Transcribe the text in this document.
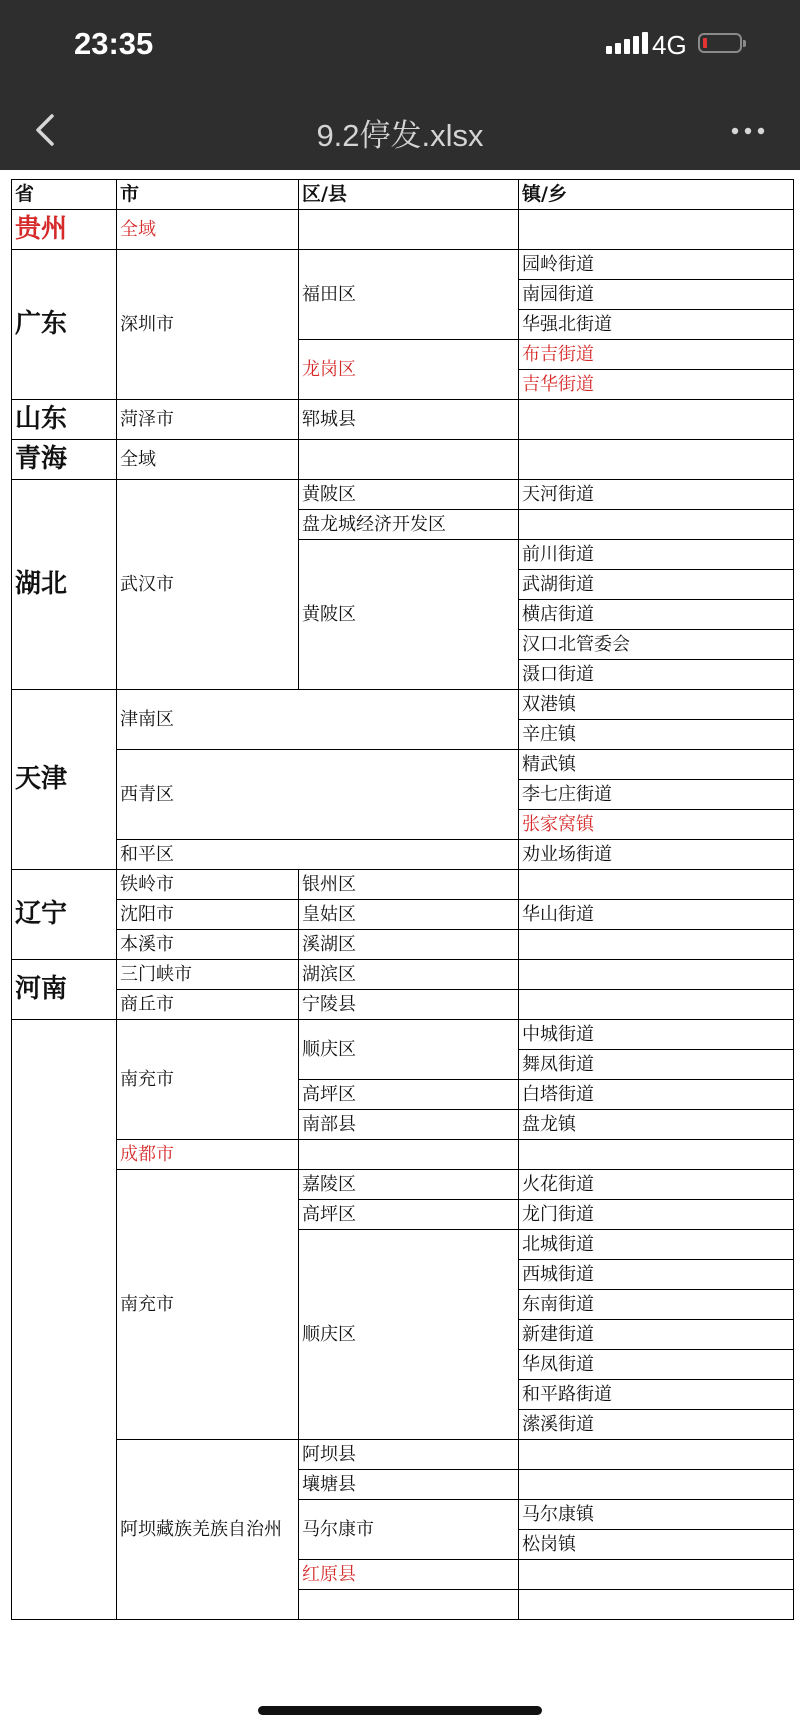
23:35	4G
9.2停发.xlsx
省	市	区/县	镇/乡
贵州	全域		
广东	深圳市	福田区	园岭街道
			南园街道
			华强北街道
		龙岗区	布吉街道
			吉华街道
山东	菏泽市	郓城县	
青海	全域		
湖北	武汉市	黄陂区	天河街道
		盘龙城经济开发区	
		黄陂区	前川街道
			武湖街道
			横店街道
			汉口北管委会
			滠口街道
天津	津南区		双港镇
			辛庄镇
	西青区		精武镇
			李七庄街道
			张家窝镇
	和平区		劝业场街道
辽宁	铁岭市	银州区	
	沈阳市	皇姑区	华山街道
	本溪市	溪湖区	
河南	三门峡市	湖滨区	
	商丘市	宁陵县	
	南充市	顺庆区	中城街道
			舞凤街道
		高坪区	白塔街道
		南部县	盘龙镇
	成都市		
	南充市	嘉陵区	火花街道
		高坪区	龙门街道
		顺庆区	北城街道
			西城街道
			东南街道
			新建街道
			华凤街道
			和平路街道
			潆溪街道
	阿坝藏族羌族自治州	阿坝县	
		壤塘县	
		马尔康市	马尔康镇
			松岗镇
		红原县	
